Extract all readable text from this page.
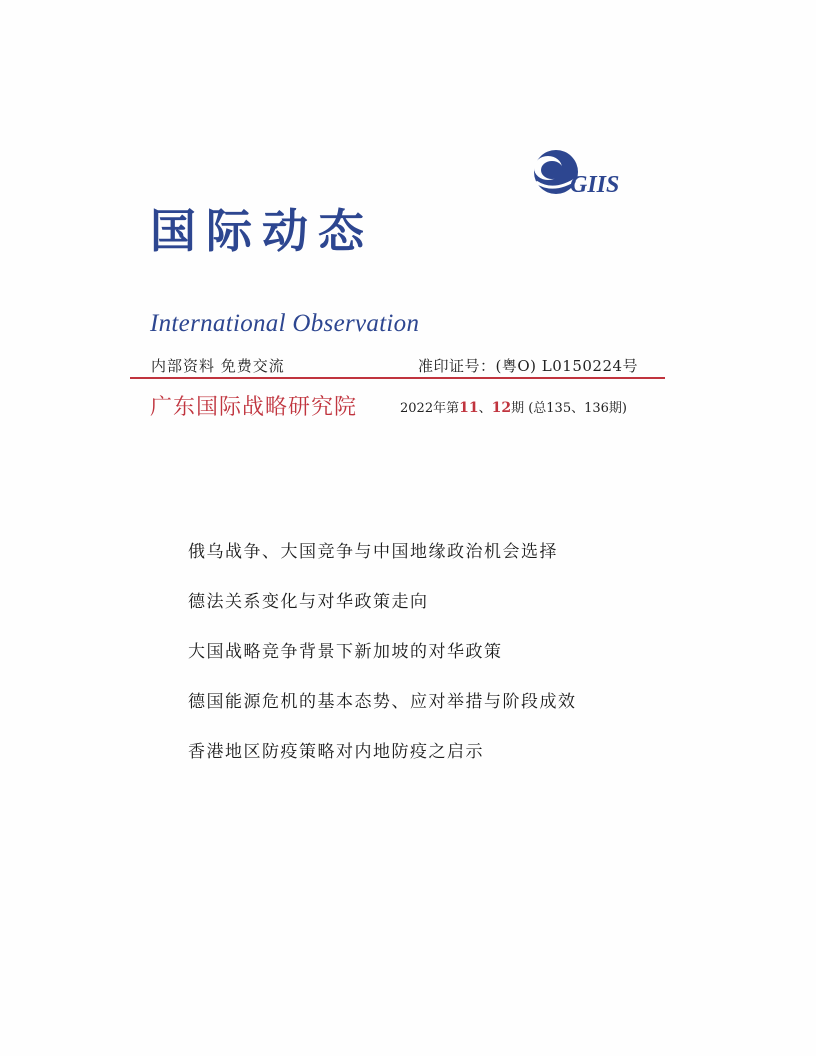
GIIS
国际动态
International Observation
内部资料 免费交流	准印证号：(粤O) L0150224号
广东国际战略研究院	2022年第11、12期 (总135、136期)
俄乌战争、大国竞争与中国地缘政治机会选择
德法关系变化与对华政策走向
大国战略竞争背景下新加坡的对华政策
德国能源危机的基本态势、应对举措与阶段成效
香港地区防疫策略对内地防疫之启示
